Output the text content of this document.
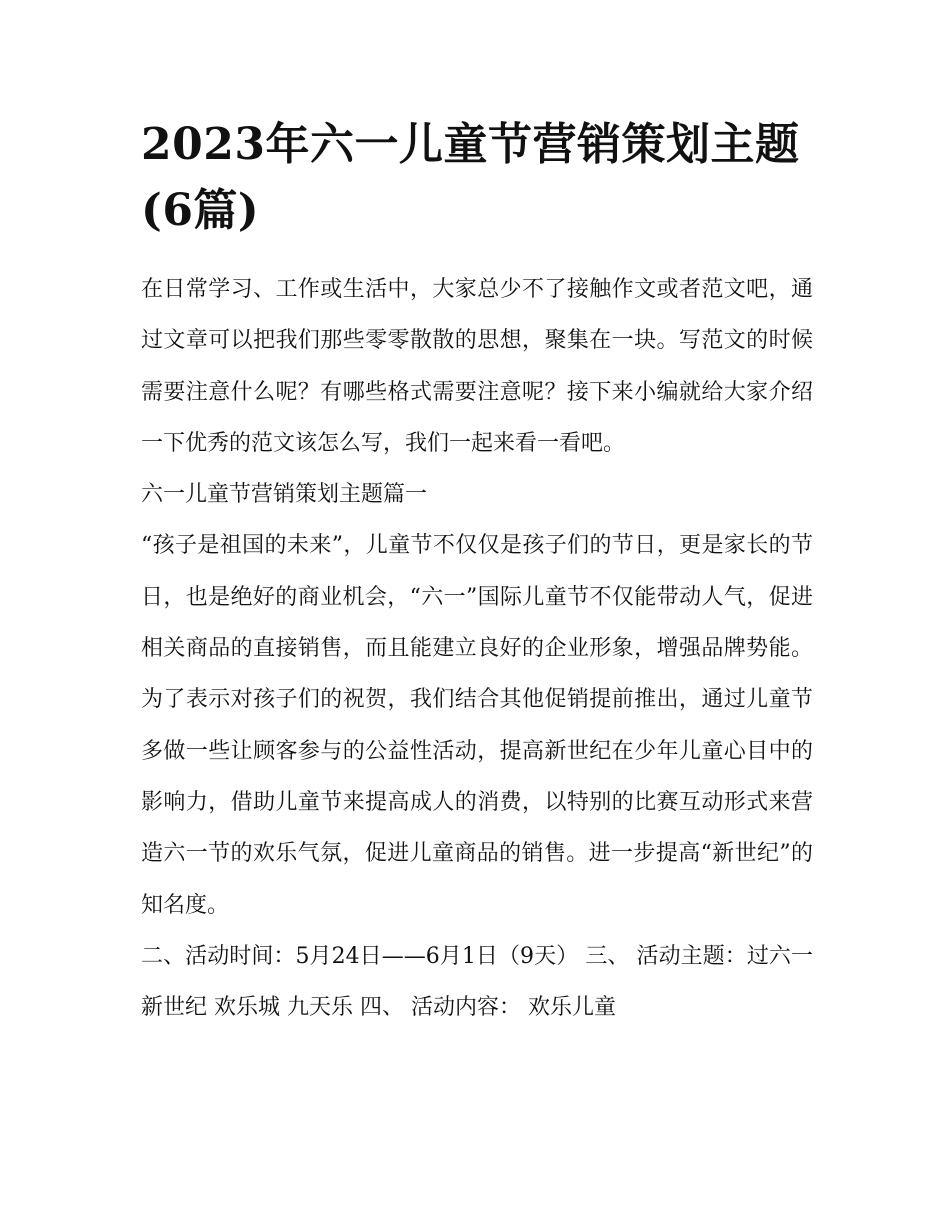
2023年六一儿童节营销策划主题(6篇)

在日常学习、工作或生活中，大家总少不了接触作文或者范文吧，通过文章可以把我们那些零零散散的思想，聚集在一块。写范文的时候需要注意什么呢？有哪些格式需要注意呢？接下来小编就给大家介绍一下优秀的范文该怎么写，我们一起来看一看吧。

六一儿童节营销策划主题篇一

“孩子是祖国的未来”，儿童节不仅仅是孩子们的节日，更是家长的节日，也是绝好的商业机会，“六一”国际儿童节不仅能带动人气，促进相关商品的直接销售，而且能建立良好的企业形象，增强品牌势能。为了表示对孩子们的祝贺，我们结合其他促销提前推出，通过儿童节多做一些让顾客参与的公益性活动，提高新世纪在少年儿童心目中的影响力，借助儿童节来提高成人的消费，以特别的比赛互动形式来营造六一节的欢乐气氛，促进儿童商品的销售。进一步提高“新世纪”的知名度。

二、活动时间：5月24日——6月1日（9天） 三、 活动主题：过六一新世纪 欢乐城 九天乐 四、 活动内容： 欢乐儿童
